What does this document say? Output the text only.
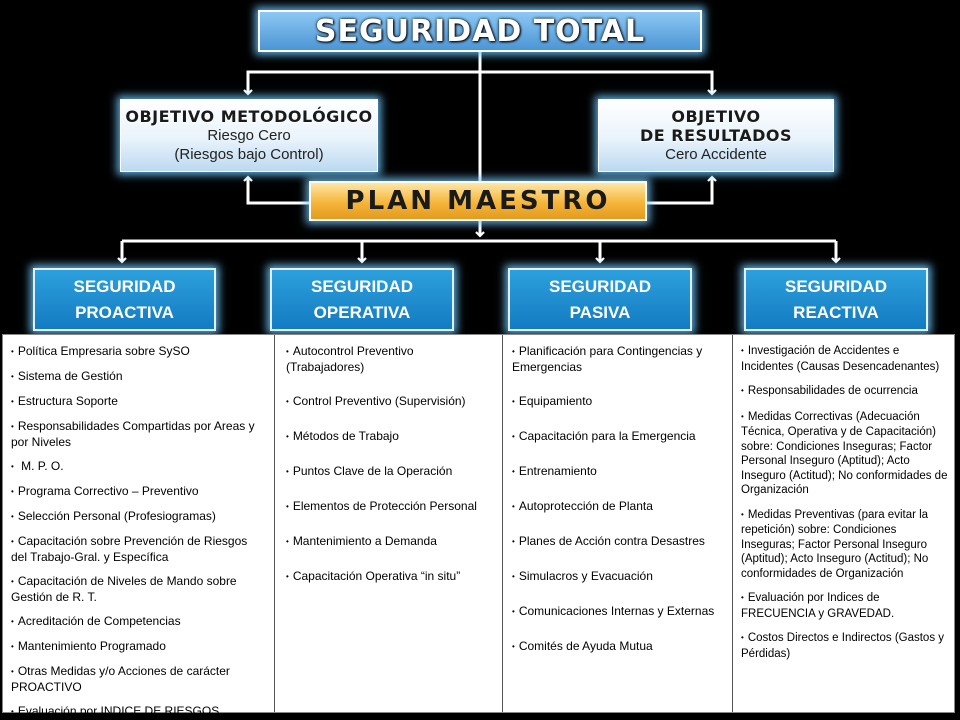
SEGURIDAD TOTAL
OBJETIVO METODOLÓGICO
Riesgo Cero
(Riesgos bajo Control)
OBJETIVO
DE RESULTADOS
Cero Accidente
PLAN MAESTRO
SEGURIDAD
PROACTIVA
SEGURIDAD
OPERATIVA
SEGURIDAD
PASIVA
SEGURIDAD
REACTIVA
• Política Empresaria sobre SySO
• Sistema de Gestión
• Estructura Soporte
• Responsabilidades Compartidas por Areas y por Niveles
• M. P. O.
• Programa Correctivo – Preventivo
• Selección Personal (Profesiogramas)
• Capacitación sobre Prevención de Riesgos del Trabajo-Gral. y Específica
• Capacitación de Niveles de Mando sobre Gestión de R. T.
• Acreditación de Competencias
• Mantenimiento Programado
• Otras Medidas y/o Acciones de carácter PROACTIVO
• Evaluación por INDICE DE RIESGOS
• Autocontrol Preventivo (Trabajadores)
• Control Preventivo (Supervisión)
• Métodos de Trabajo
• Puntos Clave de la Operación
• Elementos de Protección Personal
• Mantenimiento a Demanda
• Capacitación Operativa “in situ”
• Planificación para Contingencias y Emergencias
• Equipamiento
• Capacitación para la Emergencia
• Entrenamiento
• Autoprotección de Planta
• Planes de Acción contra Desastres
• Simulacros y Evacuación
• Comunicaciones Internas y Externas
• Comités de Ayuda Mutua
• Investigación de Accidentes e Incidentes (Causas Desencadenantes)
• Responsabilidades de ocurrencia
• Medidas Correctivas (Adecuación Técnica, Operativa y de Capacitación) sobre: Condiciones Inseguras; Factor Personal Inseguro (Aptitud); Acto Inseguro (Actitud); No conformidades de Organización
• Medidas Preventivas (para evitar la repetición) sobre: Condiciones Inseguras; Factor Personal Inseguro (Aptitud); Acto Inseguro (Actitud); No conformidades de Organización
• Evaluación por Indices de FRECUENCIA y GRAVEDAD.
• Costos Directos e Indirectos (Gastos y Pérdidas)
